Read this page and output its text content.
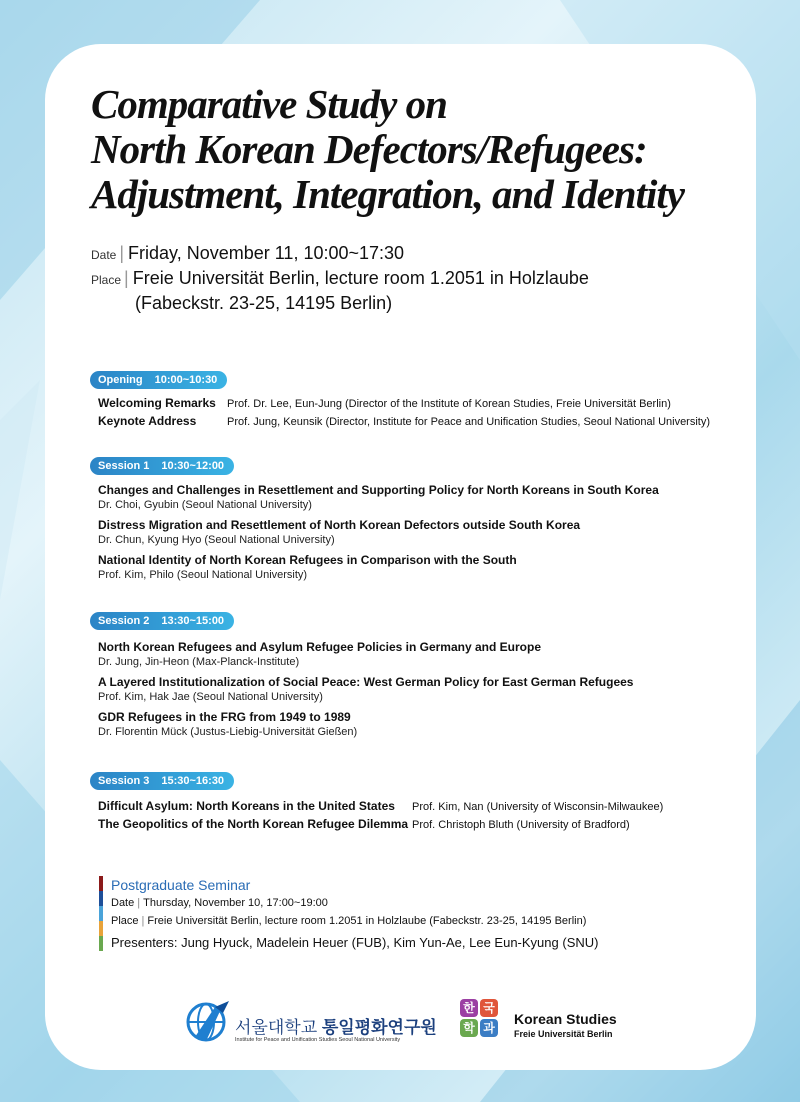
Comparative Study on
North Korean Defectors/Refugees:
Adjustment, Integration, and Identity
Date | Friday, November 11, 10:00~17:30
Place | Freie Universität Berlin, lecture room 1.2051 in Holzlaube
(Fabeckstr. 23-25, 14195 Berlin)
Opening 10:00~10:30
Welcoming Remarks Prof. Dr. Lee, Eun-Jung (Director of the Institute of Korean Studies, Freie Universität Berlin)
Keynote Address	Prof. Jung, Keunsik (Director, Institute for Peace and Unification Studies, Seoul National University)
Session 1 10:30~12:00
Changes and Challenges in Resettlement and Supporting Policy for North Koreans in South Korea
Dr. Choi, Gyubin (Seoul National University)
Distress Migration and Resettlement of North Korean Defectors outside South Korea
Dr. Chun, Kyung Hyo (Seoul National University)
National Identity of North Korean Refugees in Comparison with the South
Prof. Kim, Philo (Seoul National University)
Session 2 13:30~15:00
North Korean Refugees and Asylum Refugee Policies in Germany and Europe
Dr. Jung, Jin-Heon (Max-Planck-Institute)
A Layered Institutionalization of Social Peace: West German Policy for East German Refugees
Prof. Kim, Hak Jae (Seoul National University)
GDR Refugees in the FRG from 1949 to 1989
Dr. Florentin Mück (Justus-Liebig-Universität Gießen)
Session 3 15:30~16:30
Difficult Asylum: North Koreans in the United States Prof. Kim, Nan (University of Wisconsin-Milwaukee)
The Geopolitics of the North Korean Refugee Dilemma Prof. Christoph Bluth (University of Bradford)
Postgraduate Seminar
Date | Thursday, November 10, 17:00~19:00
Place | Freie Universität Berlin, lecture room 1.2051 in Holzlaube (Fabeckstr. 23-25, 14195 Berlin)
Presenters: Jung Hyuck, Madelein Heuer (FUB), Kim Yun-Ae, Lee Eun-Kyung (SNU)
서울대학교 통일평화연구원
Institute for Peace and Unification Studies Seoul National University
한 국
학 과
Korean Studies
Freie Universität Berlin
